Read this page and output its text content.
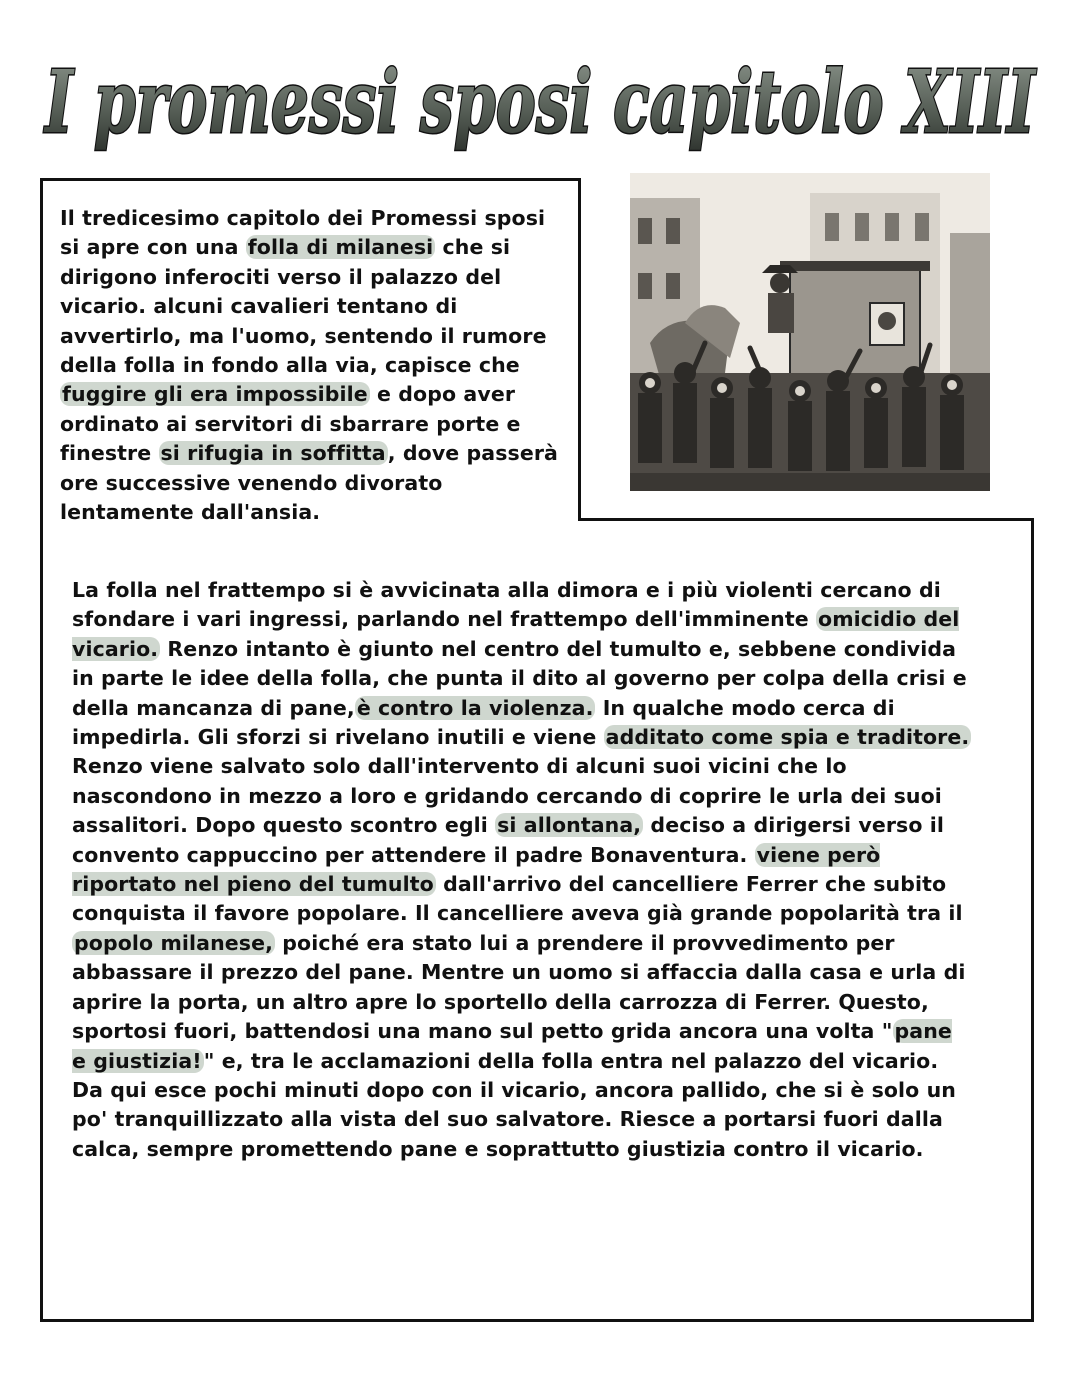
I promessi sposi capitolo XIII
Il tredicesimo capitolo dei Promessi sposi si apre con una folla di milanesi che si dirigono inferociti verso il palazzo del vicario. alcuni cavalieri tentano di avvertirlo, ma l'uomo, sentendo il rumore della folla in fondo alla via, capisce che fuggire gli era impossibile e dopo aver ordinato ai servitori di sbarrare porte e finestre si rifugia in soffitta, dove passerà ore successive venendo divorato lentamente dall'ansia.
La folla nel frattempo si è avvicinata alla dimora e i più violenti cercano di sfondare i vari ingressi, parlando nel frattempo dell'imminente omicidio del vicario. Renzo intanto è giunto nel centro del tumulto e, sebbene condivida in parte le idee della folla, che punta il dito al governo per colpa della crisi e della mancanza di pane,è contro la violenza. In qualche modo cerca di impedirla. Gli sforzi si rivelano inutili e viene additato come spia e traditore. Renzo viene salvato solo dall'intervento di alcuni suoi vicini che lo nascondono in mezzo a loro e gridando cercando di coprire le urla dei suoi assalitori. Dopo questo scontro egli si allontana, deciso a dirigersi verso il convento cappuccino per attendere il padre Bonaventura. viene però riportato nel pieno del tumulto dall'arrivo del cancelliere Ferrer che subito conquista il favore popolare. Il cancelliere aveva già grande popolarità tra il popolo milanese, poiché era stato lui a prendere il provvedimento per abbassare il prezzo del pane. Mentre un uomo si affaccia dalla casa e urla di aprire la porta, un altro apre lo sportello della carrozza di Ferrer. Questo, sportosi fuori, battendosi una mano sul petto grida ancora una volta "pane e giustizia!" e, tra le acclamazioni della folla entra nel palazzo del vicario. Da qui esce pochi minuti dopo con il vicario, ancora pallido, che si è solo un po' tranquillizzato alla vista del suo salvatore. Riesce a portarsi fuori dalla calca, sempre promettendo pane e soprattutto giustizia contro il vicario.
